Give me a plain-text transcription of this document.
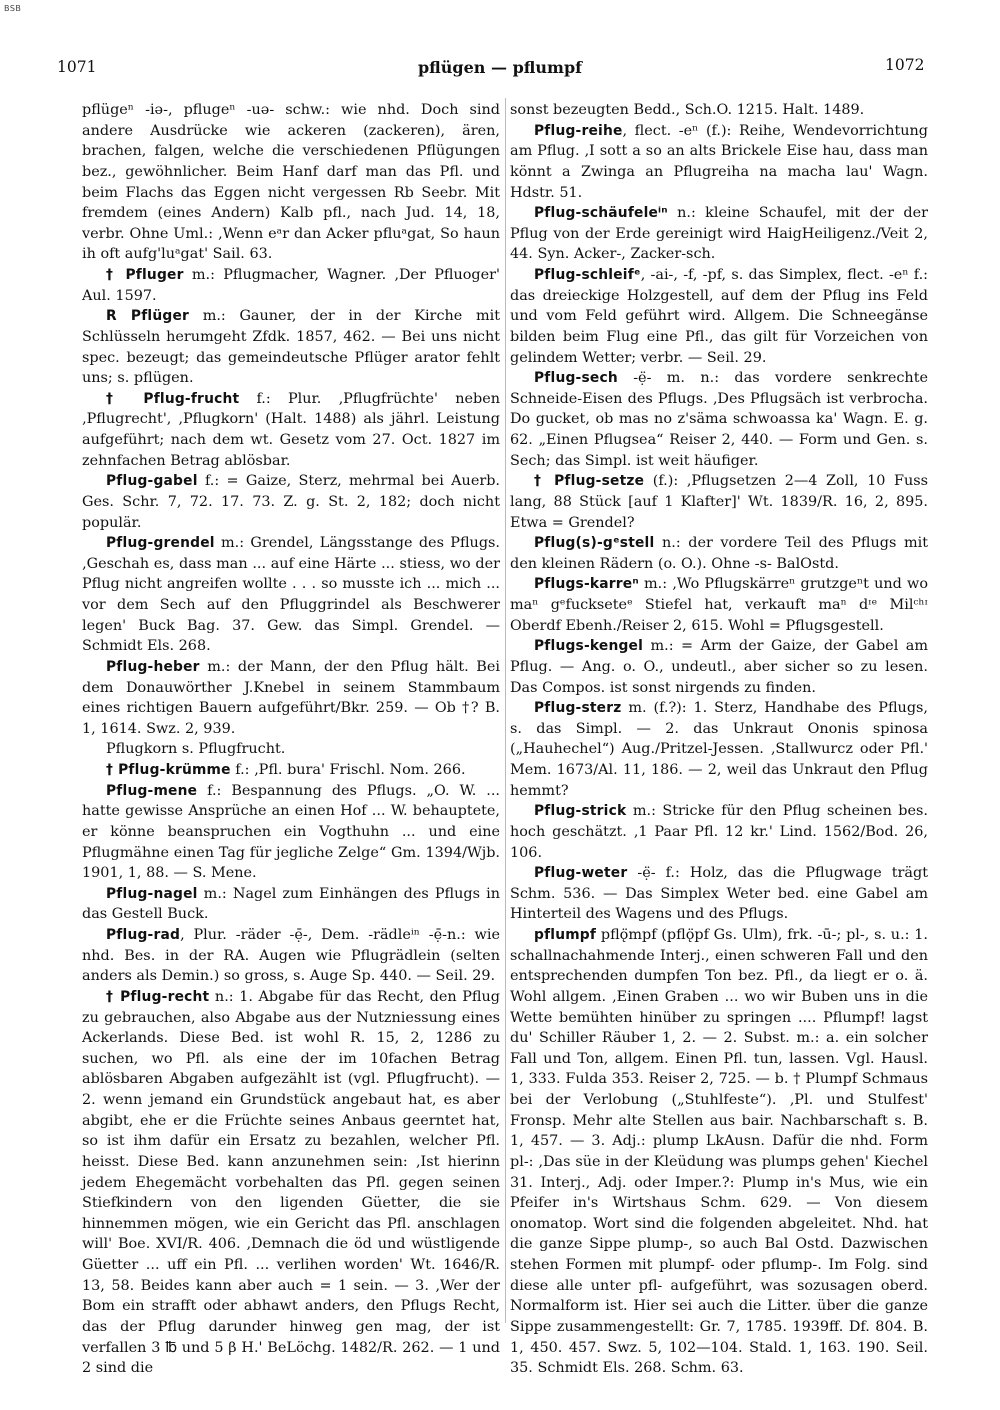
BSB
1071	pflügen — pflumpf	1072

pflügeⁿ -iə-, pflugeⁿ -uə- schw.: wie nhd. Doch sind andere Ausdrücke wie ackeren (zackeren), ären, brachen, falgen, welche die verschiedenen Pflügungen bez., gewöhnlicher. Beim Hanf darf man das Pfl. und beim Flachs das Eggen nicht vergessen Rb Seebr. Mit fremdem (eines Andern) Kalb pfl., nach Jud. 14, 18, verbr. Ohne Uml.: ‚Wenn eᵃr dan Acker pfluᵃgat, So haun ih oft aufg'luᵃgat' Sail. 63.

† Pfluger m.: Pflugmacher, Wagner. ‚Der Pfluoger' Aul. 1597.

R Pflüger m.: Gauner, der in der Kirche mit Schlüsseln herumgeht Zfdk. 1857, 462. — Bei uns nicht spec. bezeugt; das gemeindeutsche Pflüger arator fehlt uns; s. pflügen.

† Pflug-frucht f.: Plur. ‚Pflugfrüchte' neben ‚Pflugrecht', ‚Pflugkorn' (Halt. 1488) als jährl. Leistung aufgeführt; nach dem wt. Gesetz vom 27. Oct. 1827 im zehnfachen Betrag ablösbar.

Pflug-gabel f.: = Gaize, Sterz, mehrmal bei Auerb. Ges. Schr. 7, 72. 17. 73. Z. g. St. 2, 182; doch nicht populär.

Pflug-grendel m.: Grendel, Längsstange des Pflugs. ‚Geschah es, dass man ... auf eine Härte ... stiess, wo der Pflug nicht angreifen wollte . . . so musste ich ... mich ... vor dem Sech auf den Pfluggrindel als Beschwerer legen' Buck Bag. 37. Gew. das Simpl. Grendel. — Schmidt Els. 268.

Pflug-heber m.: der Mann, der den Pflug hält. Bei dem Donauwörther J.Knebel in seinem Stammbaum eines richtigen Bauern aufgeführt/Bkr. 259. — Ob †? B. 1, 1614. Swz. 2, 939.

Pflugkorn s. Pflugfrucht.

† Pflug-krümme f.: ‚Pfl. bura' Frischl. Nom. 266.

Pflug-mene f.: Bespannung des Pflugs. „O. W. ... hatte gewisse Ansprüche an einen Hof ... W. behauptete, er könne beanspruchen ein Vogthuhn ... und eine Pflugmähne einen Tag für jegliche Zelge“ Gm. 1394/Wjb. 1901, 1, 88. — S. Mene.

Pflug-nagel m.: Nagel zum Einhängen des Pflugs in das Gestell Buck.

Pflug-rad, Plur. -räder -ẹ̄-, Dem. -rädleⁱⁿ -ẹ̄-n.: wie nhd. Bes. in der RA. Augen wie Pflugrädlein (selten anders als Demin.) so gross, s. Auge Sp. 440. — Seil. 29.

† Pflug-recht n.: 1. Abgabe für das Recht, den Pflug zu gebrauchen, also Abgabe aus der Nutzniessung eines Ackerlands. Diese Bed. ist wohl R. 15, 2, 1286 zu suchen, wo Pfl. als eine der im 10fachen Betrag ablösbaren Abgaben aufgezählt ist (vgl. Pflugfrucht). — 2. wenn jemand ein Grundstück angebaut hat, es aber abgibt, ehe er die Früchte seines Anbaus geerntet hat, so ist ihm dafür ein Ersatz zu bezahlen, welcher Pfl. heisst. Diese Bed. kann anzunehmen sein: ‚Ist hierinn jedem Ehegemächt vorbehalten das Pfl. gegen seinen Stiefkindern von den ligenden Güetter, die sie hinnemmen mögen, wie ein Gericht das Pfl. anschlagen will' Boe. XVI/R. 406. ‚Demnach die öd und wüstligende Güetter ... uff ein Pfl. ... verlihen worden' Wt. 1646/R. 13, 58. Beides kann aber auch = 1 sein. — 3. ‚Wer der Bom ein strafft oder abhawt anders, den Pflugs Recht, das der Pflug darunder hinweg gen mag, der ist verfallen 3 ℔ und 5 β H.' BeLöchg. 1482/R. 262. — 1 und 2 sind die

sonst bezeugten Bedd., Sch.O. 1215. Halt. 1489.

Pflug-reihe, flect. -eⁿ (f.): Reihe, Wendevorrichtung am Pflug. ‚I sott a so an alts Brickele Eise hau, dass man könnt a Zwinga an Pflugreiha na macha lau' Wagn. Hdstr. 51.

Pflug-schäufeleⁱⁿ n.: kleine Schaufel, mit der der Pflug von der Erde gereinigt wird HaigHeiligenz./Veit 2, 44. Syn. Acker-, Zacker-sch.

Pflug-schleifᵉ, -ai-, -f, -pf, s. das Simplex, flect. -eⁿ f.: das dreieckige Holzgestell, auf dem der Pflug ins Feld und vom Feld geführt wird. Allgem. Die Schneegänse bilden beim Flug eine Pfl., das gilt für Vorzeichen von gelindem Wetter; verbr. — Seil. 29.

Pflug-sech -ẹ̈- m. n.: das vordere senkrechte Schneide-Eisen des Pflugs. ‚Des Pflugsäch ist verbrocha. Do gucket, ob mas no z'säma schwoassa ka' Wagn. E. g. 62. „Einen Pflugsea“ Reiser 2, 440. — Form und Gen. s. Sech; das Simpl. ist weit häufiger.

† Pflug-setze (f.): ‚Pflugsetzen 2—4 Zoll, 10 Fuss lang, 88 Stück [auf 1 Klafter]' Wt. 1839/R. 16, 2, 895. Etwa = Grendel?

Pflug(s)-gᵉstell n.: der vordere Teil des Pflugs mit den kleinen Rädern (o. O.). Ohne -s- BalOstd.

Pflugs-karreⁿ m.: ‚Wo Pflugskärreⁿ grutzgeⁿt und wo maⁿ gᵉfuckseteᵉ Stiefel hat, verkauft maⁿ dᶦᵉ Milᶜʰᶦ Oberdf Ebenh./Reiser 2, 615. Wohl = Pflugsgestell.

Pflugs-kengel m.: = Arm der Gaize, der Gabel am Pflug. — Ang. o. O., undeutl., aber sicher so zu lesen. Das Compos. ist sonst nirgends zu finden.

Pflug-sterz m. (f.?): 1. Sterz, Handhabe des Pflugs, s. das Simpl. — 2. das Unkraut Ononis spinosa („Hauhechel“) Aug./Pritzel-Jessen. ‚Stallwurcz oder Pfl.' Mem. 1673/Al. 11, 186. — 2, weil das Unkraut den Pflug hemmt?

Pflug-strick m.: Stricke für den Pflug scheinen bes. hoch geschätzt. ‚1 Paar Pfl. 12 kr.' Lind. 1562/Bod. 26, 106.

Pflug-weter -ẹ̈- f.: Holz, das die Pflugwage trägt Schm. 536. — Das Simplex Weter bed. eine Gabel am Hinterteil des Wagens und des Pflugs.

pflumpf pflǫ̈mpf (pflǫ̈pf Gs. Ulm), frk. -ū-; pl-, s. u.: 1. schallnachahmende Interj., einen schweren Fall und den entsprechenden dumpfen Ton bez. Pfl., da liegt er o. ä. Wohl allgem. ‚Einen Graben ... wo wir Buben uns in die Wette bemühten hinüber zu springen .... Pflumpf! lagst du' Schiller Räuber 1, 2. — 2. Subst. m.: a. ein solcher Fall und Ton, allgem. Einen Pfl. tun, lassen. Vgl. Hausl. 1, 333. Fulda 353. Reiser 2, 725. — b. † Plumpf Schmaus bei der Verlobung („Stuhlfeste“). ‚Pl. und Stulfest' Fronsp. Mehr alte Stellen aus bair. Nachbarschaft s. B. 1, 457. — 3. Adj.: plump LkAusn. Dafür die nhd. Form pl-: ‚Das süe in der Kleüdung was plumps gehen' Kiechel 31. Interj., Adj. oder Imper.?: Plump in's Mus, wie ein Pfeifer in's Wirtshaus Schm. 629. — Von diesem onomatop. Wort sind die folgenden abgeleitet. Nhd. hat die ganze Sippe plump-, so auch Bal Ostd. Dazwischen stehen Formen mit plumpf- oder pflump-. Im Folg. sind diese alle unter pfl- aufgeführt, was sozusagen oberd. Normalform ist. Hier sei auch die Litter. über die ganze Sippe zusammengestellt: Gr. 7, 1785. 1939ff. Df. 804. B. 1, 450. 457. Swz. 5, 102—104. Stald. 1, 163. 190. Seil. 35. Schmidt Els. 268. Schm. 63.
